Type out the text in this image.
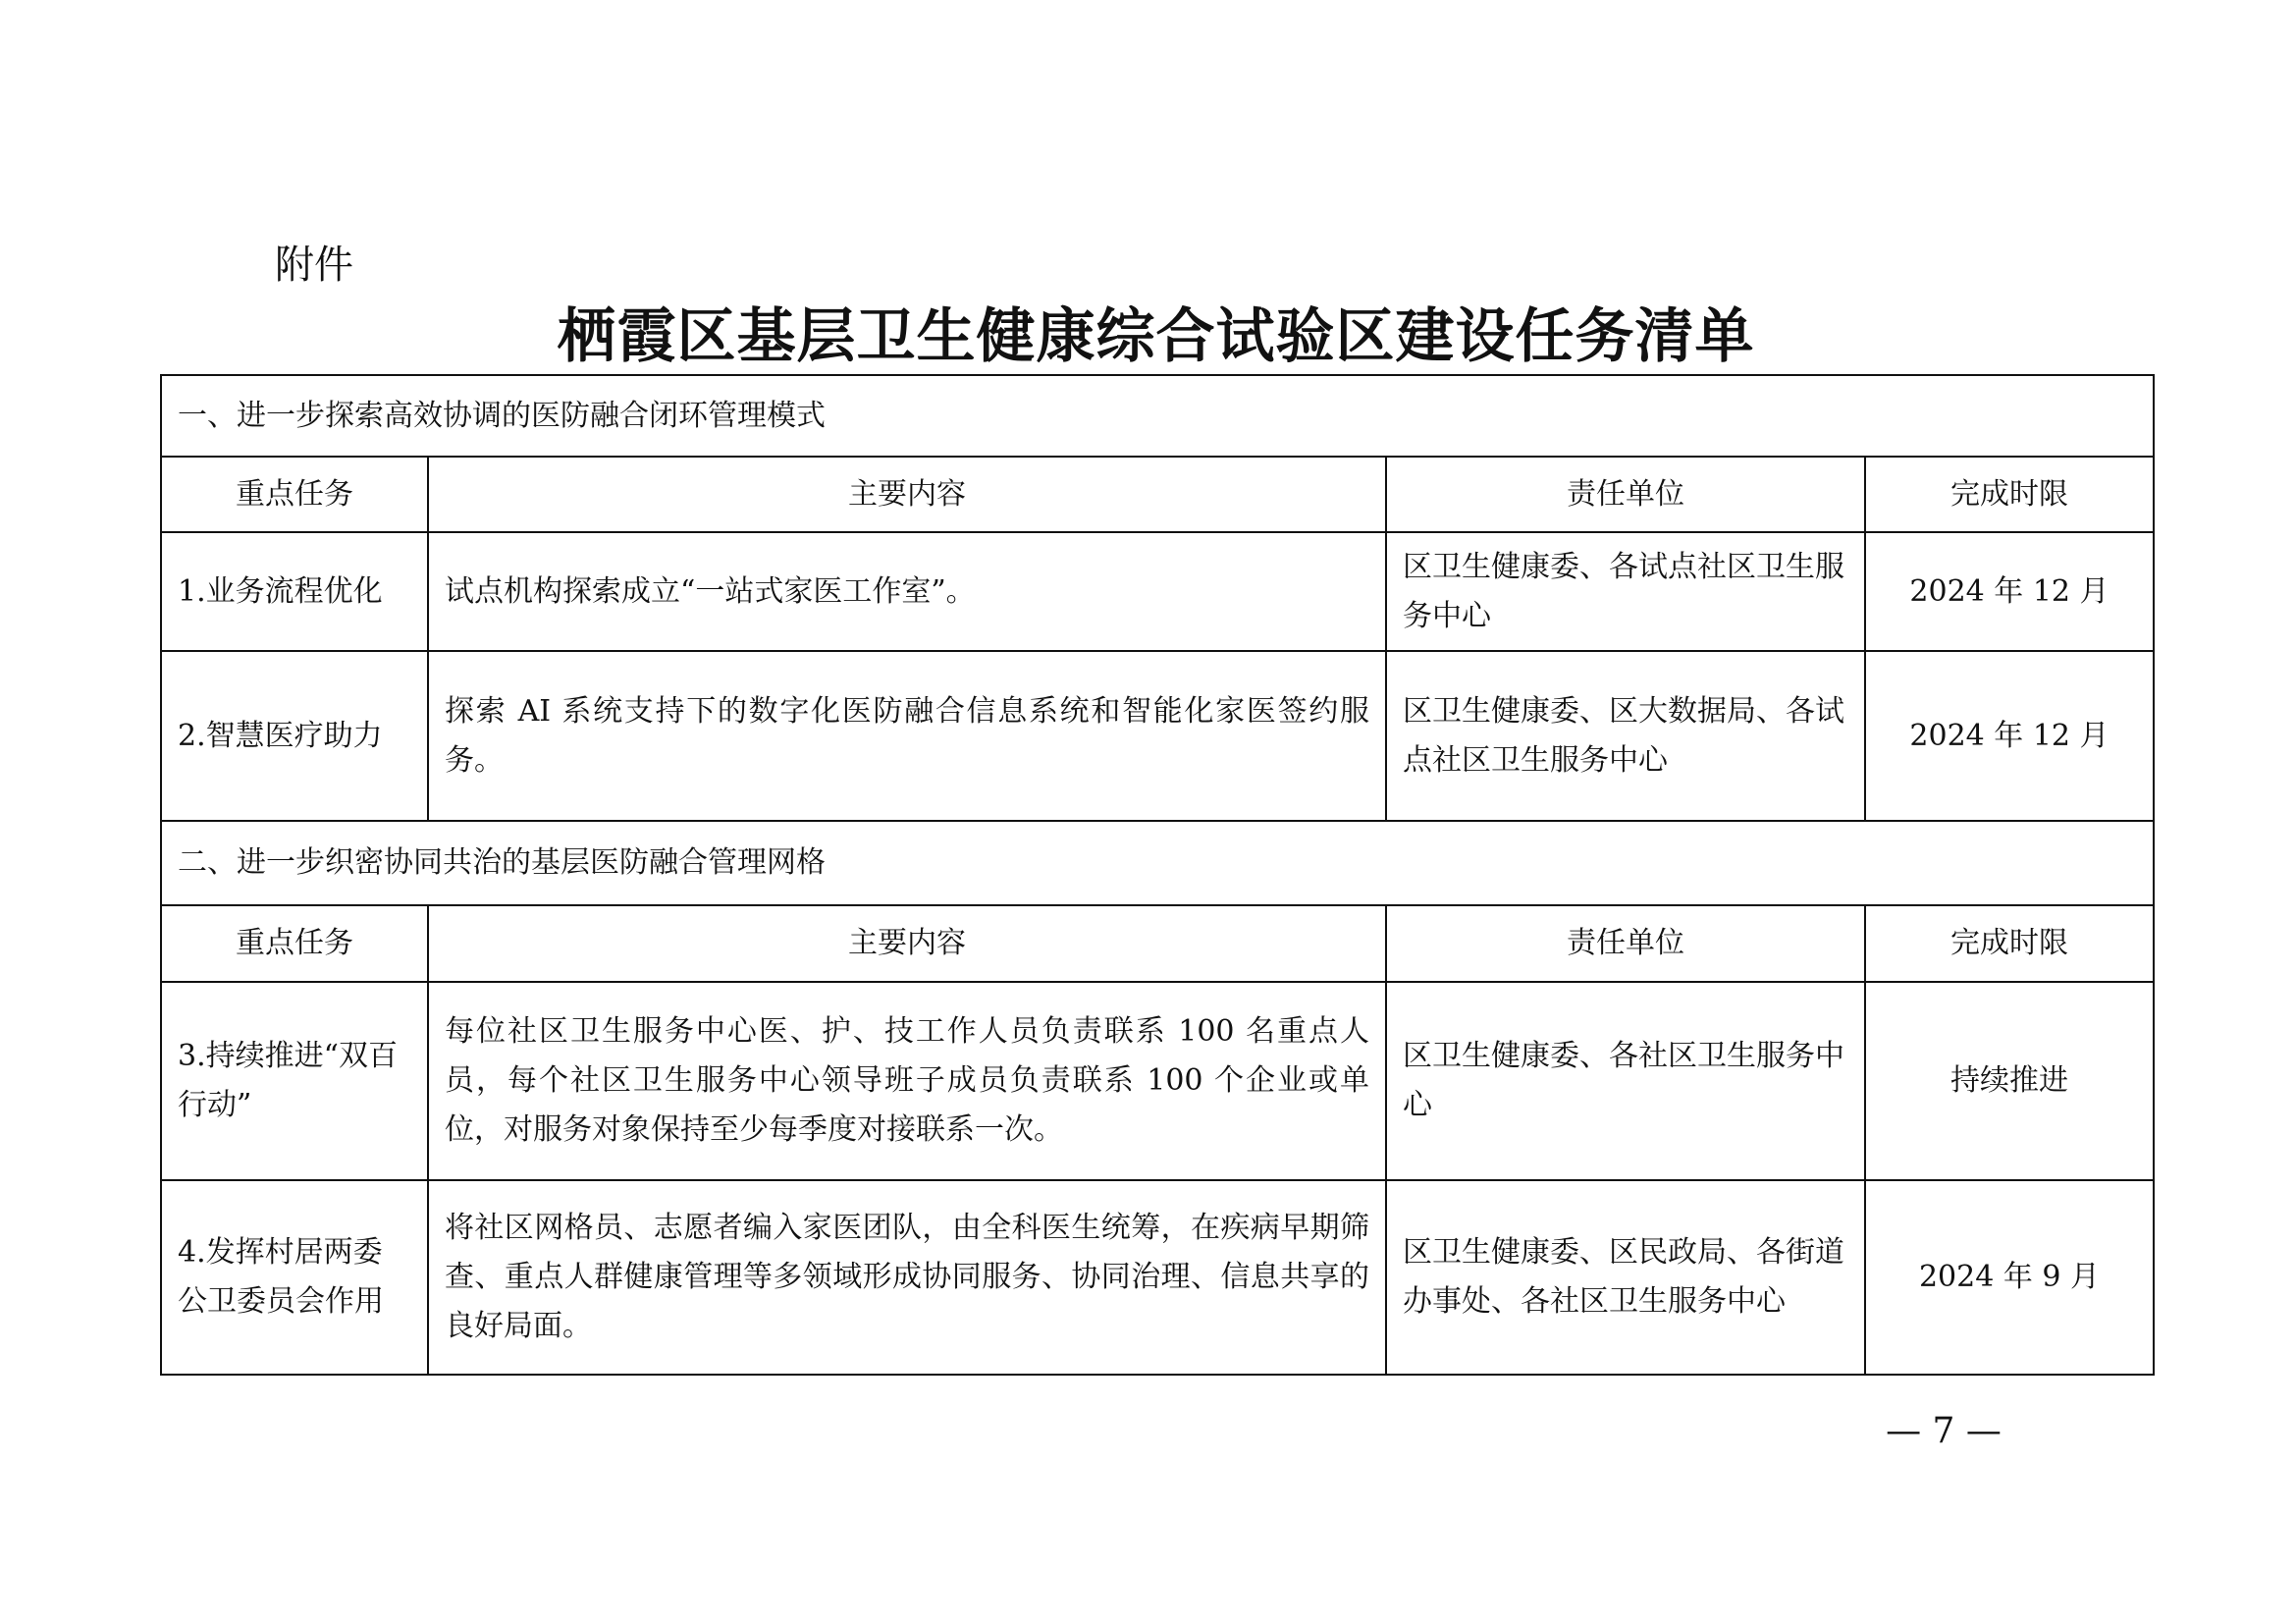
附件
栖霞区基层卫生健康综合试验区建设任务清单
一、进一步探索高效协调的医防融合闭环管理模式			
重点任务	主要内容	责任单位	完成时限
1.业务流程优化	试点机构探索成立“一站式家医工作室”。	区卫生健康委、各试点社区卫生服务中心	2024 年 12 月
2.智慧医疗助力	探索 AI 系统支持下的数字化医防融合信息系统和智能化家医签约服务。	区卫生健康委、区大数据局、各试点社区卫生服务中心	2024 年 12 月
二、进一步织密协同共治的基层医防融合管理网格			
重点任务	主要内容	责任单位	完成时限
3.持续推进“双百行动”	每位社区卫生服务中心医、护、技工作人员负责联系 100 名重点人员，每个社区卫生服务中心领导班子成员负责联系 100 个企业或单位，对服务对象保持至少每季度对接联系一次。	区卫生健康委、各社区卫生服务中心	持续推进
4.发挥村居两委公卫委员会作用	将社区网格员、志愿者编入家医团队，由全科医生统筹，在疾病早期筛查、重点人群健康管理等多领域形成协同服务、协同治理、信息共享的良好局面。	区卫生健康委、区民政局、各街道办事处、各社区卫生服务中心	2024 年 9 月
— 7 —
